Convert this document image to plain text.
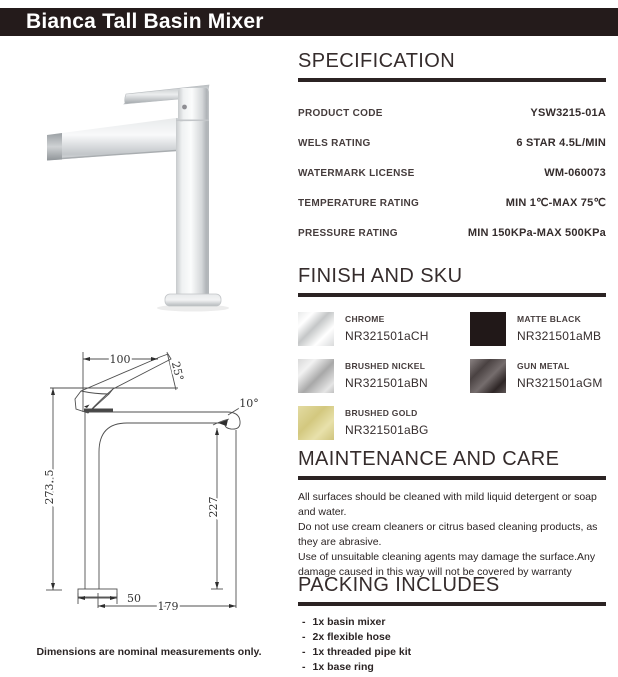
Bianca Tall Basin Mixer
100
25°
10°
273. 5
227
50
179
Dimensions are nominal measurements only.
SPECIFICATION
PRODUCT CODE	YSW3215-01A
WELS RATING	6 STAR 4.5L/MIN
WATERMARK LICENSE	WM-060073
TEMPERATURE RATING	MIN 1℃-MAX 75℃
PRESSURE RATING	MIN 150KPa-MAX 500KPa
FINISH AND SKU
CHROME
NR321501aCH
MATTE BLACK
NR321501aMB
BRUSHED NICKEL
NR321501aBN
GUN METAL
NR321501aGM
BRUSHED GOLD
NR321501aBG
MAINTENANCE AND CARE
All surfaces should be cleaned with mild liquid detergent or soap and water.
Do not use cream cleaners or citrus based cleaning products, as they are abrasive.
Use of unsuitable cleaning agents may damage the surface.Any damage caused in this way will not be covered by warranty
PACKING INCLUDES
- 1x basin mixer
- 2x flexible hose
- 1x threaded pipe kit
- 1x base ring
